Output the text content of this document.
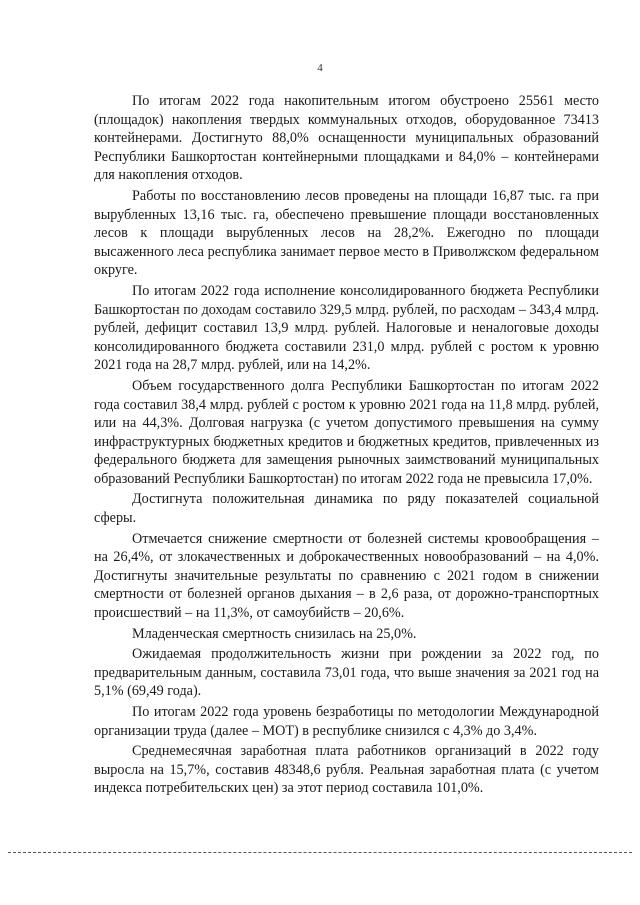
4

По итогам 2022 года накопительным итогом обустроено 25561 место (площадок) накопления твердых коммунальных отходов, оборудованное 73413 контейнерами. Достигнуто 88,0% оснащенности муниципальных образований Республики Башкортостан контейнерными площадками и 84,0% – контейнерами для накопления отходов.

Работы по восстановлению лесов проведены на площади 16,87 тыс. га при вырубленных 13,16 тыс. га, обеспечено превышение площади восстановленных лесов к площади вырубленных лесов на 28,2%. Ежегодно по площади высаженного леса республика занимает первое место в Приволжском федеральном округе.

По итогам 2022 года исполнение консолидированного бюджета Республики Башкортостан по доходам составило 329,5 млрд. рублей, по расходам – 343,4 млрд. рублей, дефицит составил 13,9 млрд. рублей. Налоговые и неналоговые доходы консолидированного бюджета составили 231,0 млрд. рублей с ростом к уровню 2021 года на 28,7 млрд. рублей, или на 14,2%.

Объем государственного долга Республики Башкортостан по итогам 2022 года составил 38,4 млрд. рублей с ростом к уровню 2021 года на 11,8 млрд. рублей, или на 44,3%. Долговая нагрузка (с учетом допустимого превышения на сумму инфраструктурных бюджетных кредитов и бюджетных кредитов, привлеченных из федерального бюджета для замещения рыночных заимствований муниципальных образований Республики Башкортостан) по итогам 2022 года не превысила 17,0%.

Достигнута положительная динамика по ряду показателей социальной сферы.

Отмечается снижение смертности от болезней системы кровообращения – на 26,4%, от злокачественных и доброкачественных новообразований – на 4,0%. Достигнуты значительные результаты по сравнению с 2021 годом в снижении смертности от болезней органов дыхания – в 2,6 раза, от дорожно-транспортных происшествий – на 11,3%, от самоубийств – 20,6%.

Младенческая смертность снизилась на 25,0%.

Ожидаемая продолжительность жизни при рождении за 2022 год, по предварительным данным, составила 73,01 года, что выше значения за 2021 год на 5,1% (69,49 года).

По итогам 2022 года уровень безработицы по методологии Международной организации труда (далее – МОТ) в республике снизился с 4,3% до 3,4%.

Среднемесячная заработная плата работников организаций в 2022 году выросла на 15,7%, составив 48348,6 рубля. Реальная заработная плата (с учетом индекса потребительских цен) за этот период составила 101,0%.
